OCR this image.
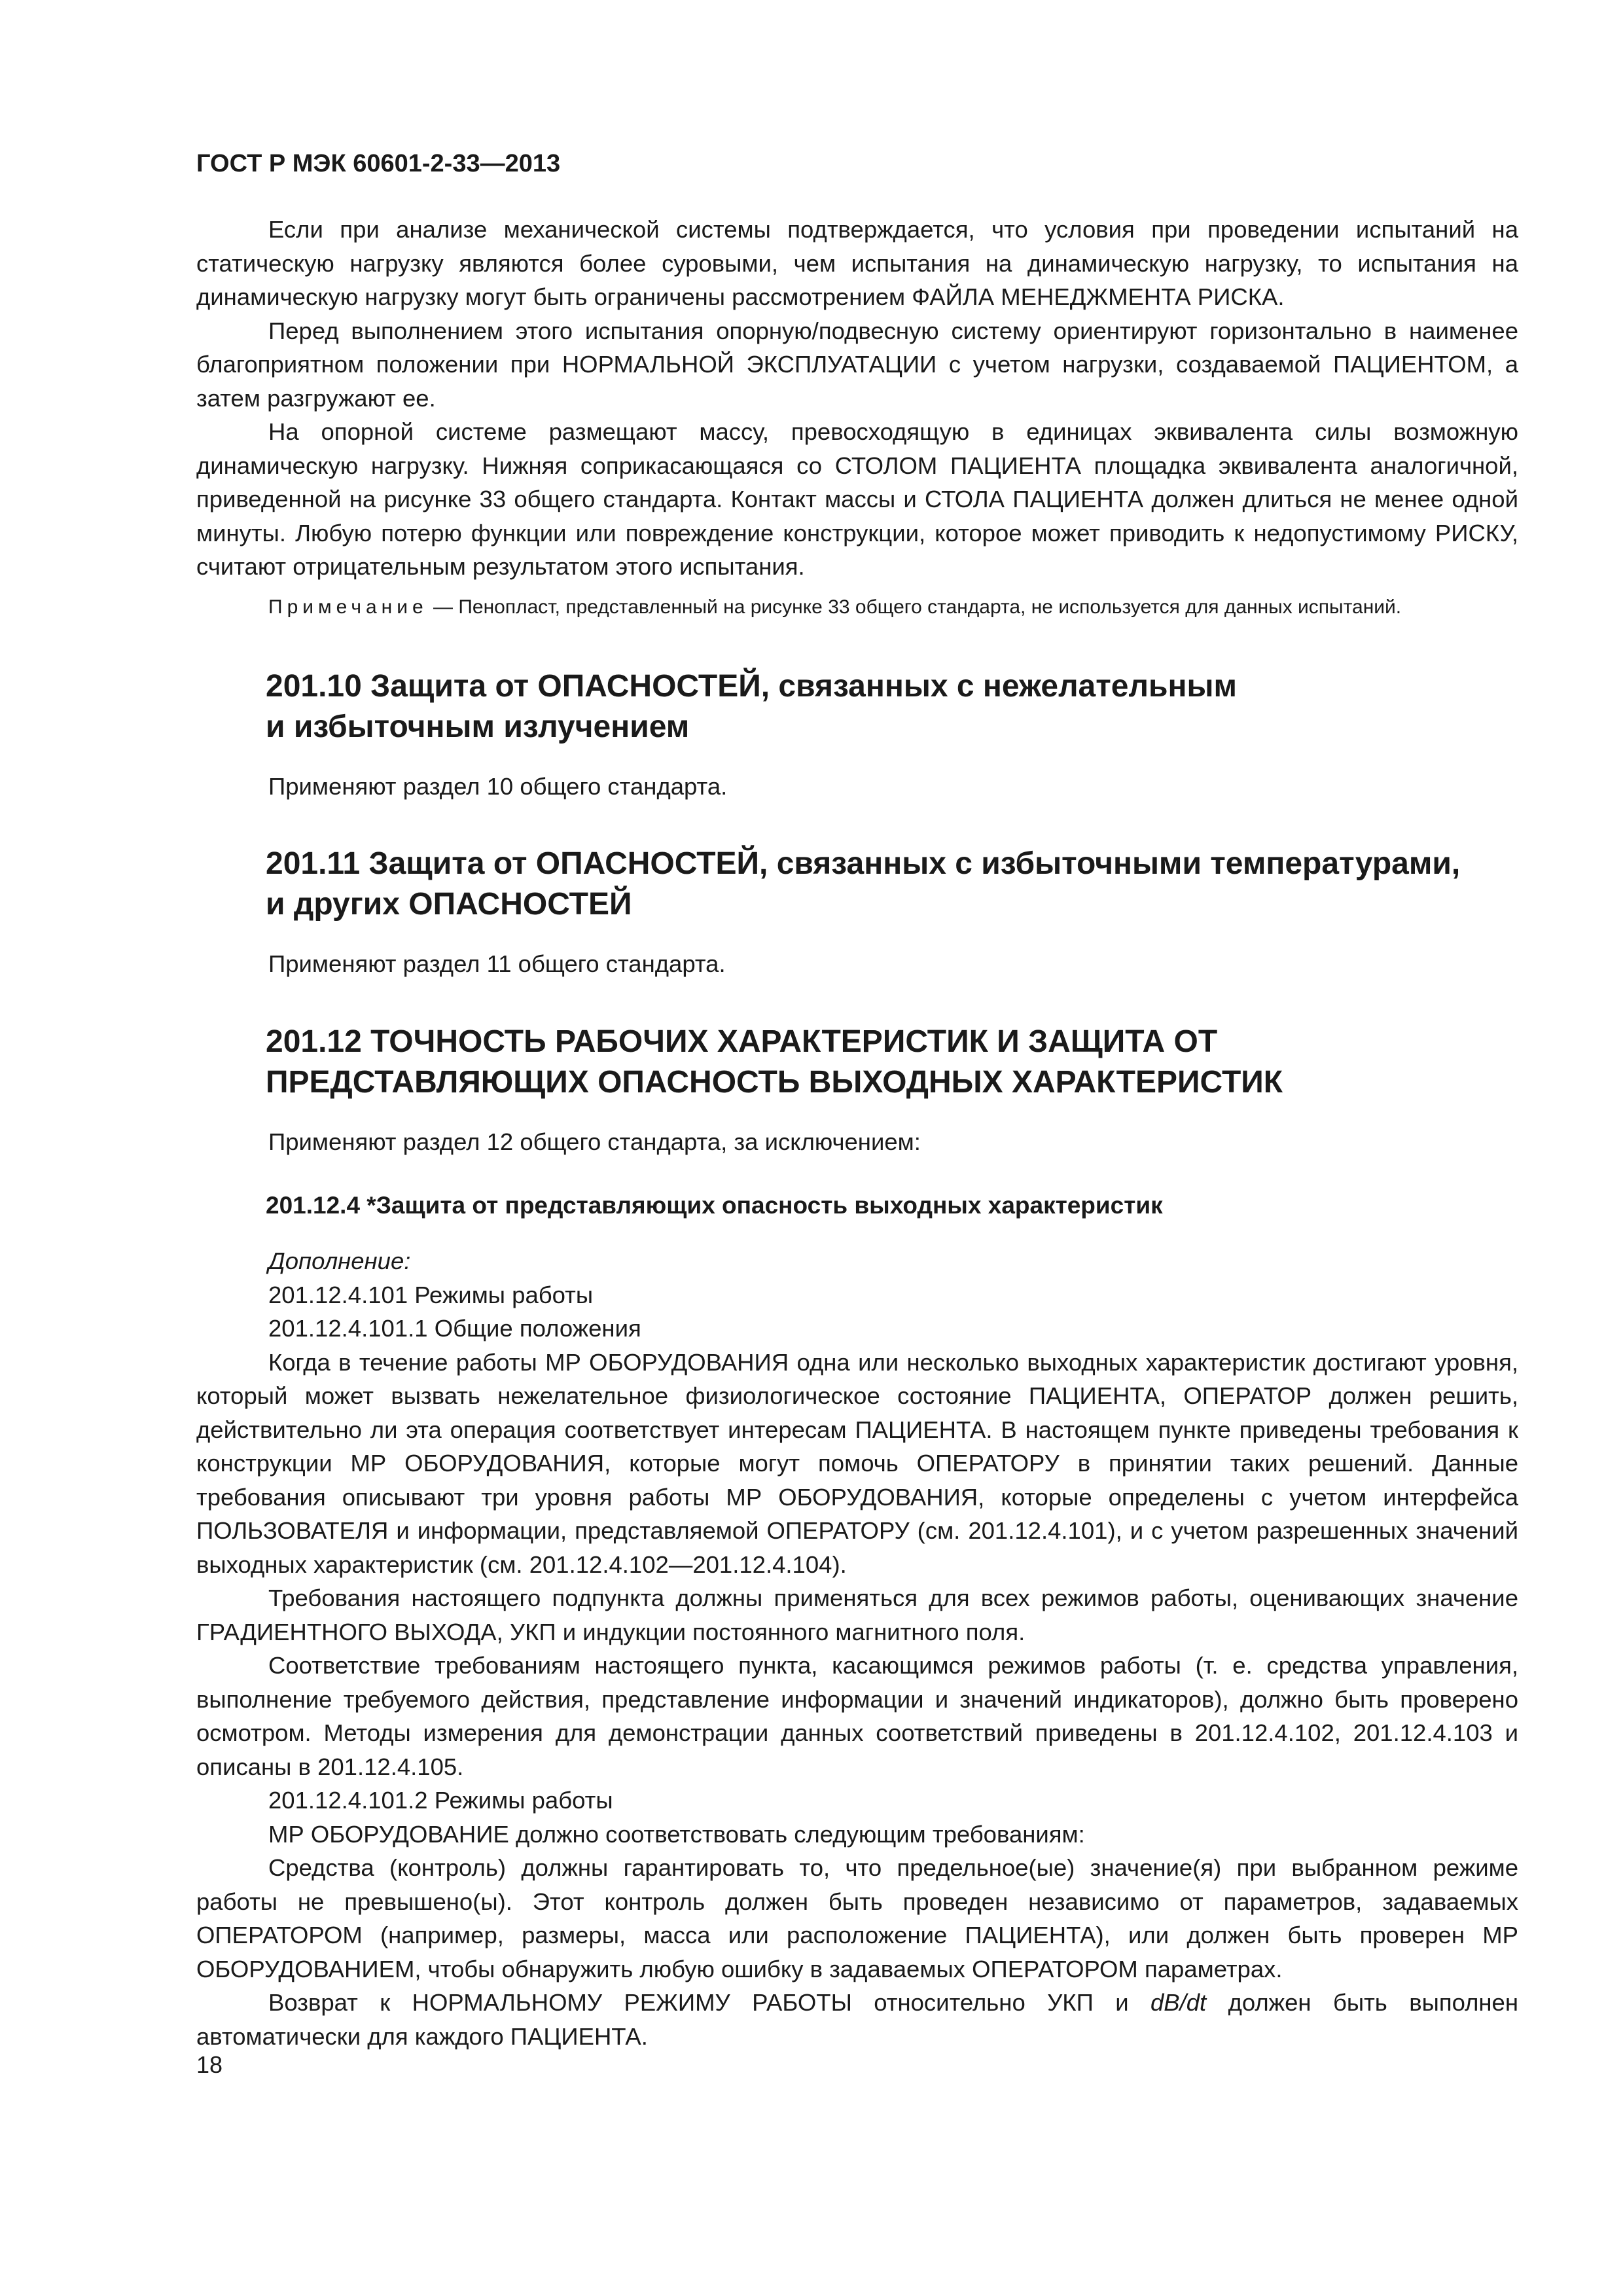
ГОСТ Р МЭК 60601-2-33—2013

Если при анализе механической системы подтверждается, что условия при проведении испытаний на статическую нагрузку являются более суровыми, чем испытания на динамическую нагрузку, то испытания на динамическую нагрузку могут быть ограничены рассмотрением ФАЙЛА МЕНЕДЖМЕНТА РИСКА.

Перед выполнением этого испытания опорную/подвесную систему ориентируют горизонтально в наименее благоприятном положении при НОРМАЛЬНОЙ ЭКСПЛУАТАЦИИ с учетом нагрузки, создаваемой ПАЦИЕНТОМ, а затем разгружают ее.

На опорной системе размещают массу, превосходящую в единицах эквивалента силы возможную динамическую нагрузку. Нижняя соприкасающаяся со СТОЛОМ ПАЦИЕНТА площадка эквивалента аналогичной, приведенной на рисунке 33 общего стандарта. Контакт массы и СТОЛА ПАЦИЕНТА должен длиться не менее одной минуты. Любую потерю функции или повреждение конструкции, которое может приводить к недопустимому РИСКУ, считают отрицательным результатом этого испытания.

Примечание — Пенопласт, представленный на рисунке 33 общего стандарта, не используется для данных испытаний.
201.10 Защита от ОПАСНОСТЕЙ, связанных с нежелательным
и избыточным излучением

Применяют раздел 10 общего стандарта.

201.11 Защита от ОПАСНОСТЕЙ, связанных с избыточными температурами,
и других ОПАСНОСТЕЙ

Применяют раздел 11 общего стандарта.

201.12 ТОЧНОСТЬ РАБОЧИХ ХАРАКТЕРИСТИК И ЗАЩИТА ОТ
ПРЕДСТАВЛЯЮЩИХ ОПАСНОСТЬ ВЫХОДНЫХ ХАРАКТЕРИСТИК

Применяют раздел 12 общего стандарта, за исключением:

201.12.4 *Защита от представляющих опасность выходных характеристик

Дополнение:

201.12.4.101 Режимы работы

201.12.4.101.1 Общие положения

Когда в течение работы МР ОБОРУДОВАНИЯ одна или несколько выходных характеристик достигают уровня, который может вызвать нежелательное физиологическое состояние ПАЦИЕНТА, ОПЕРАТОР должен решить, действительно ли эта операция соответствует интересам ПАЦИЕНТА. В настоящем пункте приведены требования к конструкции МР ОБОРУДОВАНИЯ, которые могут помочь ОПЕРАТОРУ в принятии таких решений. Данные требования описывают три уровня работы МР ОБОРУДОВАНИЯ, которые определены с учетом интерфейса ПОЛЬЗОВАТЕЛЯ и информации, представляемой ОПЕРАТОРУ (см. 201.12.4.101), и с учетом разрешенных значений выходных характеристик (см. 201.12.4.102—201.12.4.104).

Требования настоящего подпункта должны применяться для всех режимов работы, оценивающих значение ГРАДИЕНТНОГО ВЫХОДА, УКП и индукции постоянного магнитного поля.

Соответствие требованиям настоящего пункта, касающимся режимов работы (т. е. средства управления, выполнение требуемого действия, представление информации и значений индикаторов), должно быть проверено осмотром. Методы измерения для демонстрации данных соответствий приведены в 201.12.4.102, 201.12.4.103 и описаны в 201.12.4.105.

201.12.4.101.2 Режимы работы

МР ОБОРУДОВАНИЕ должно соответствовать следующим требованиям:

Средства (контроль) должны гарантировать то, что предельное(ые) значение(я) при выбранном режиме работы не превышено(ы). Этот контроль должен быть проведен независимо от параметров, задаваемых ОПЕРАТОРОМ (например, размеры, масса или расположение ПАЦИЕНТА), или должен быть проверен МР ОБОРУДОВАНИЕМ, чтобы обнаружить любую ошибку в задаваемых ОПЕРАТОРОМ параметрах.

Возврат к НОРМАЛЬНОМУ РЕЖИМУ РАБОТЫ относительно УКП и dB/dt должен быть выполнен автоматически для каждого ПАЦИЕНТА.

18
